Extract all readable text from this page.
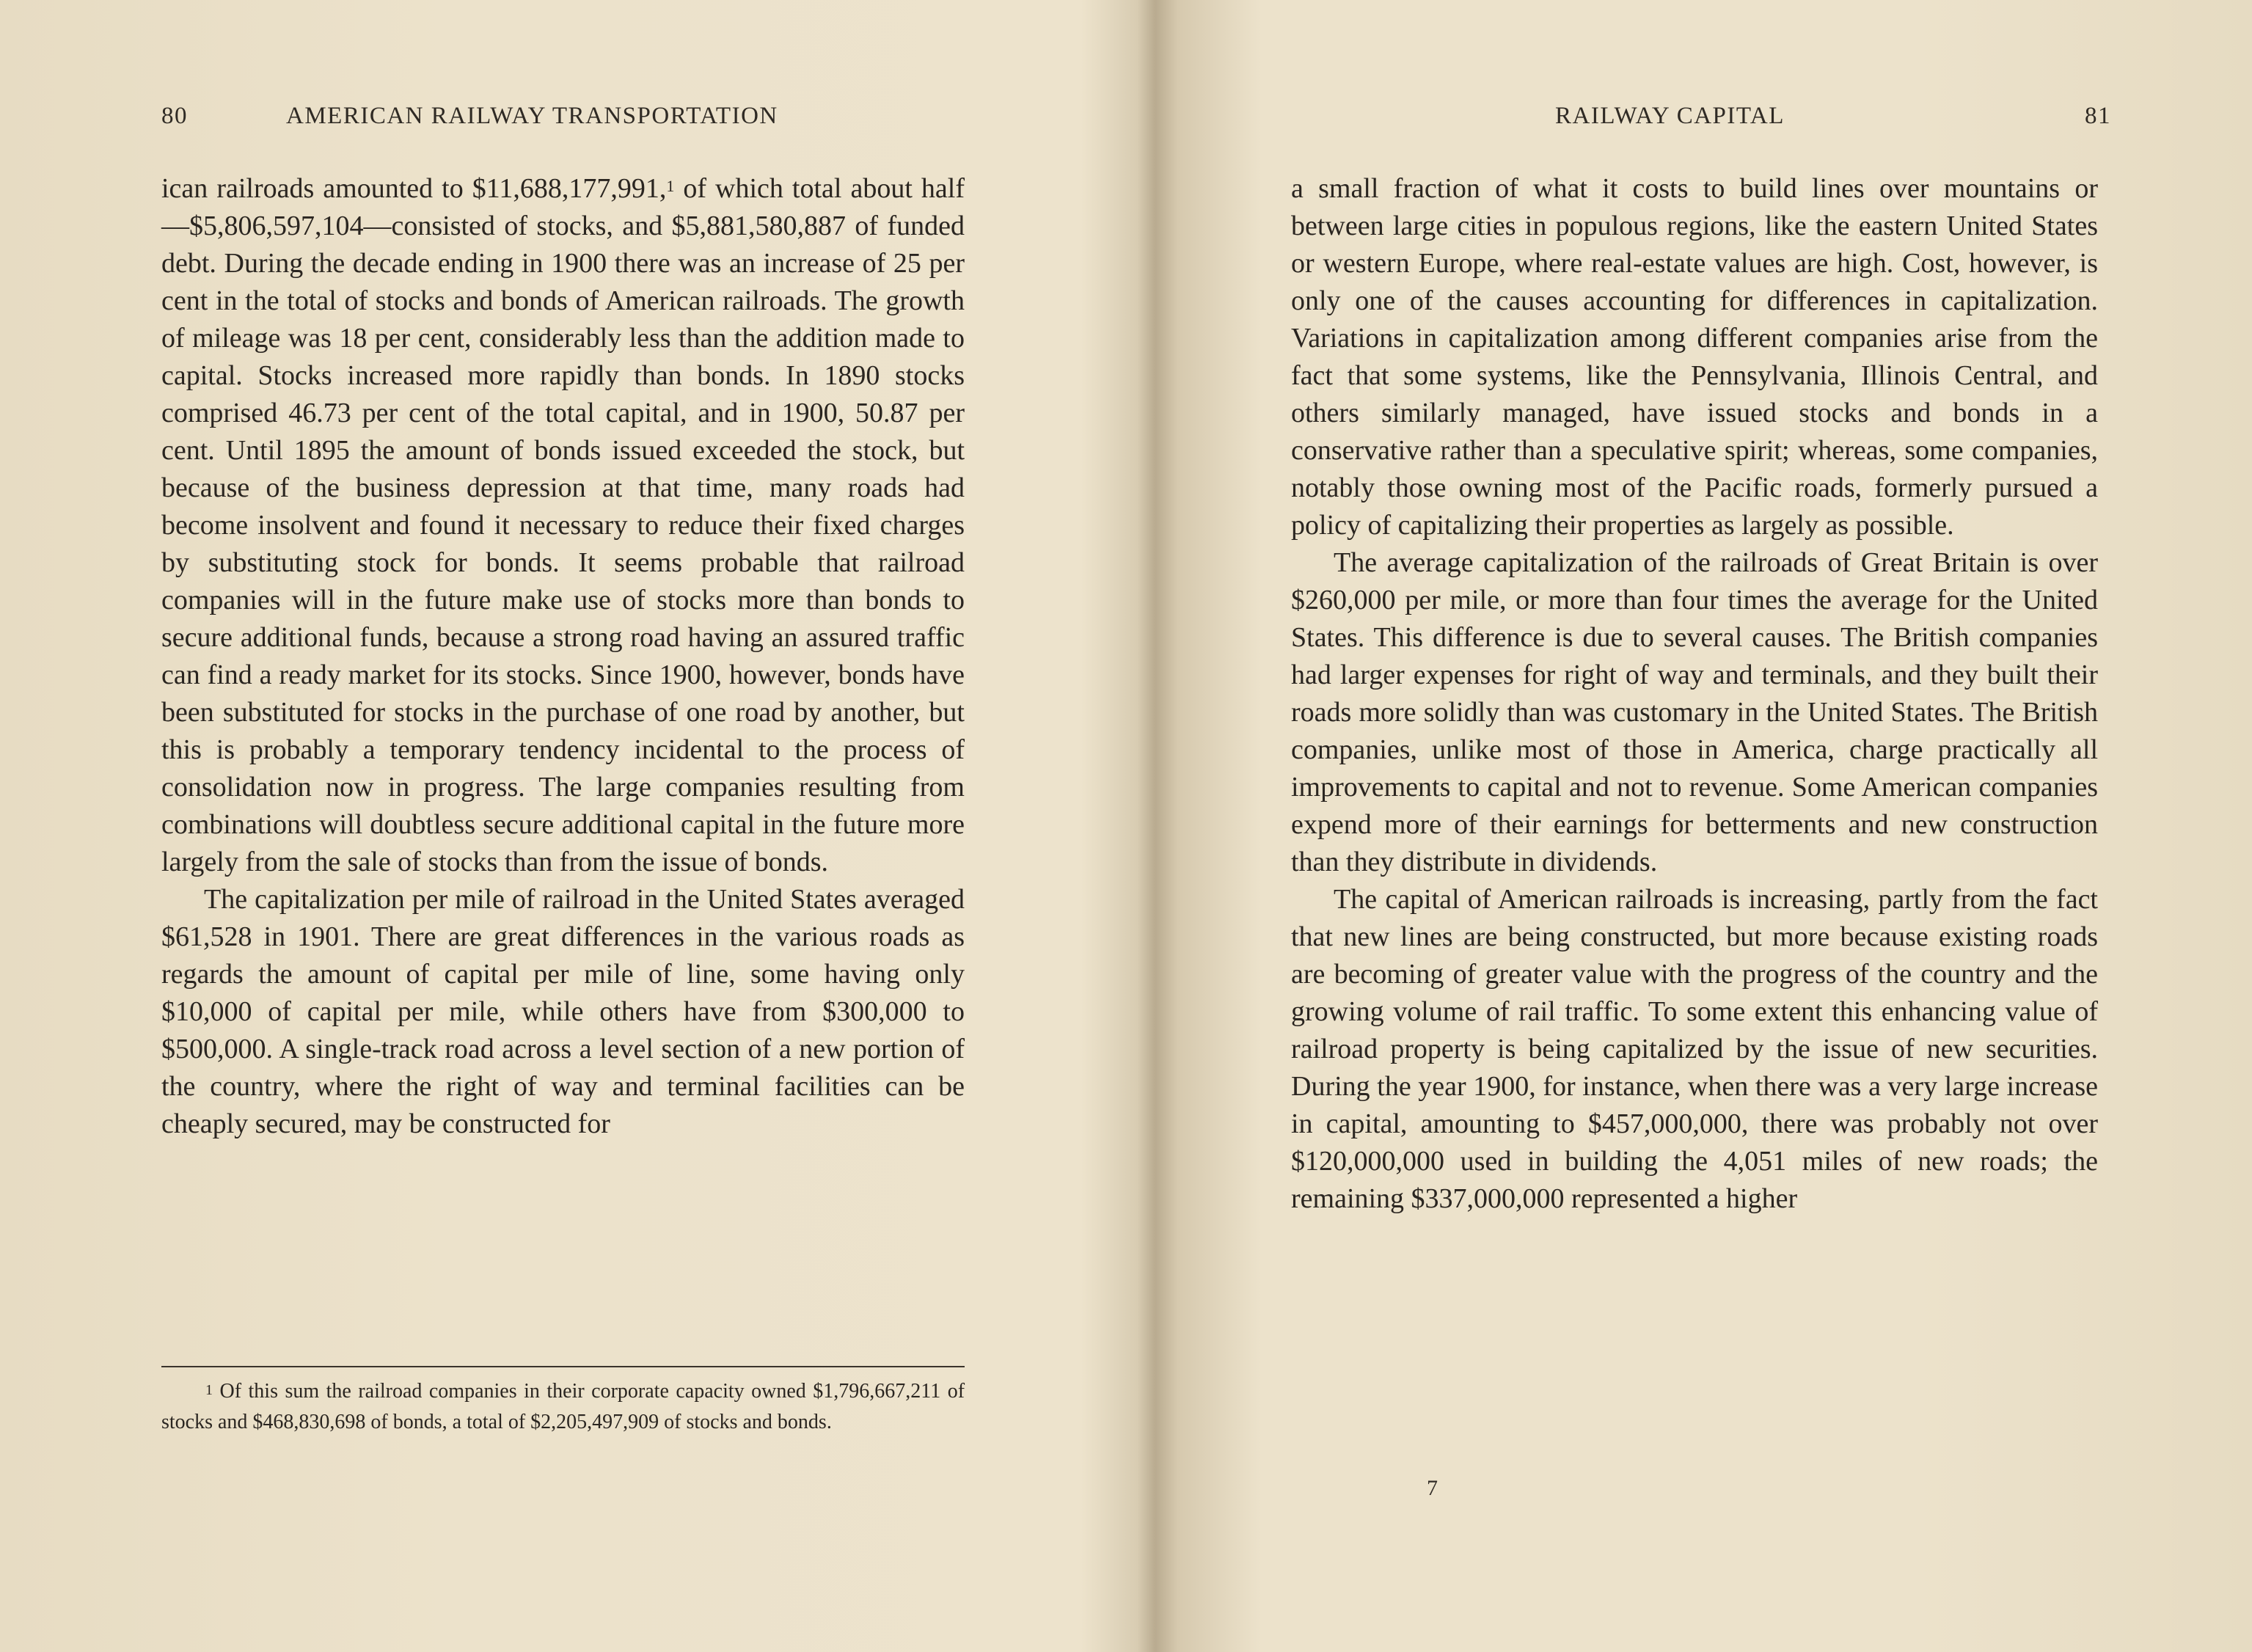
80	AMERICAN RAILWAY TRANSPORTATION

ican railroads amounted to $11,688,177,991,$^1$ of which total about half—$5,806,597,104—consisted of stocks, and $5,881,580,887 of funded debt. During the decade ending in 1900 there was an increase of 25 per cent in the total of stocks and bonds of American railroads. The growth of mileage was 18 per cent, considerably less than the addition made to capital. Stocks increased more rapidly than bonds. In 1890 stocks comprised 46.73 per cent of the total capital, and in 1900, 50.87 per cent. Until 1895 the amount of bonds issued exceeded the stock, but because of the business depression at that time, many roads had become insolvent and found it necessary to reduce their fixed charges by substituting stock for bonds. It seems probable that railroad companies will in the future make use of stocks more than bonds to secure additional funds, because a strong road having an assured traffic can find a ready market for its stocks. Since 1900, however, bonds have been substituted for stocks in the purchase of one road by another, but this is probably a temporary tendency incidental to the process of consolidation now in progress. The large companies resulting from combinations will doubtless secure additional capital in the future more largely from the sale of stocks than from the issue of bonds.

The capitalization per mile of railroad in the United States averaged $61,528 in 1901. There are great differences in the various roads as regards the amount of capital per mile of line, some having only $10,000 of capital per mile, while others have from $300,000 to $500,000. A single-track road across a level section of a new portion of the country, where the right of way and terminal facilities can be cheaply secured, may be constructed for

$^1$ Of this sum the railroad companies in their corporate capacity owned $1,796,667,211 of stocks and $468,830,698 of bonds, a total of $2,205,497,909 of stocks and bonds.
RAILWAY CAPITAL	81

a small fraction of what it costs to build lines over mountains or between large cities in populous regions, like the eastern United States or western Europe, where real-estate values are high. Cost, however, is only one of the causes accounting for differences in capitalization. Variations in capitalization among different companies arise from the fact that some systems, like the Pennsylvania, Illinois Central, and others similarly managed, have issued stocks and bonds in a conservative rather than a speculative spirit; whereas, some companies, notably those owning most of the Pacific roads, formerly pursued a policy of capitalizing their properties as largely as possible.

The average capitalization of the railroads of Great Britain is over $260,000 per mile, or more than four times the average for the United States. This difference is due to several causes. The British companies had larger expenses for right of way and terminals, and they built their roads more solidly than was customary in the United States. The British companies, unlike most of those in America, charge practically all improvements to capital and not to revenue. Some American companies expend more of their earnings for betterments and new construction than they distribute in dividends.

The capital of American railroads is increasing, partly from the fact that new lines are being constructed, but more because existing roads are becoming of greater value with the progress of the country and the growing volume of rail traffic. To some extent this enhancing value of railroad property is being capitalized by the issue of new securities. During the year 1900, for instance, when there was a very large increase in capital, amounting to $457,000,000, there was probably not over $120,000,000 used in building the 4,051 miles of new roads; the remaining $337,000,000 represented a higher

7
